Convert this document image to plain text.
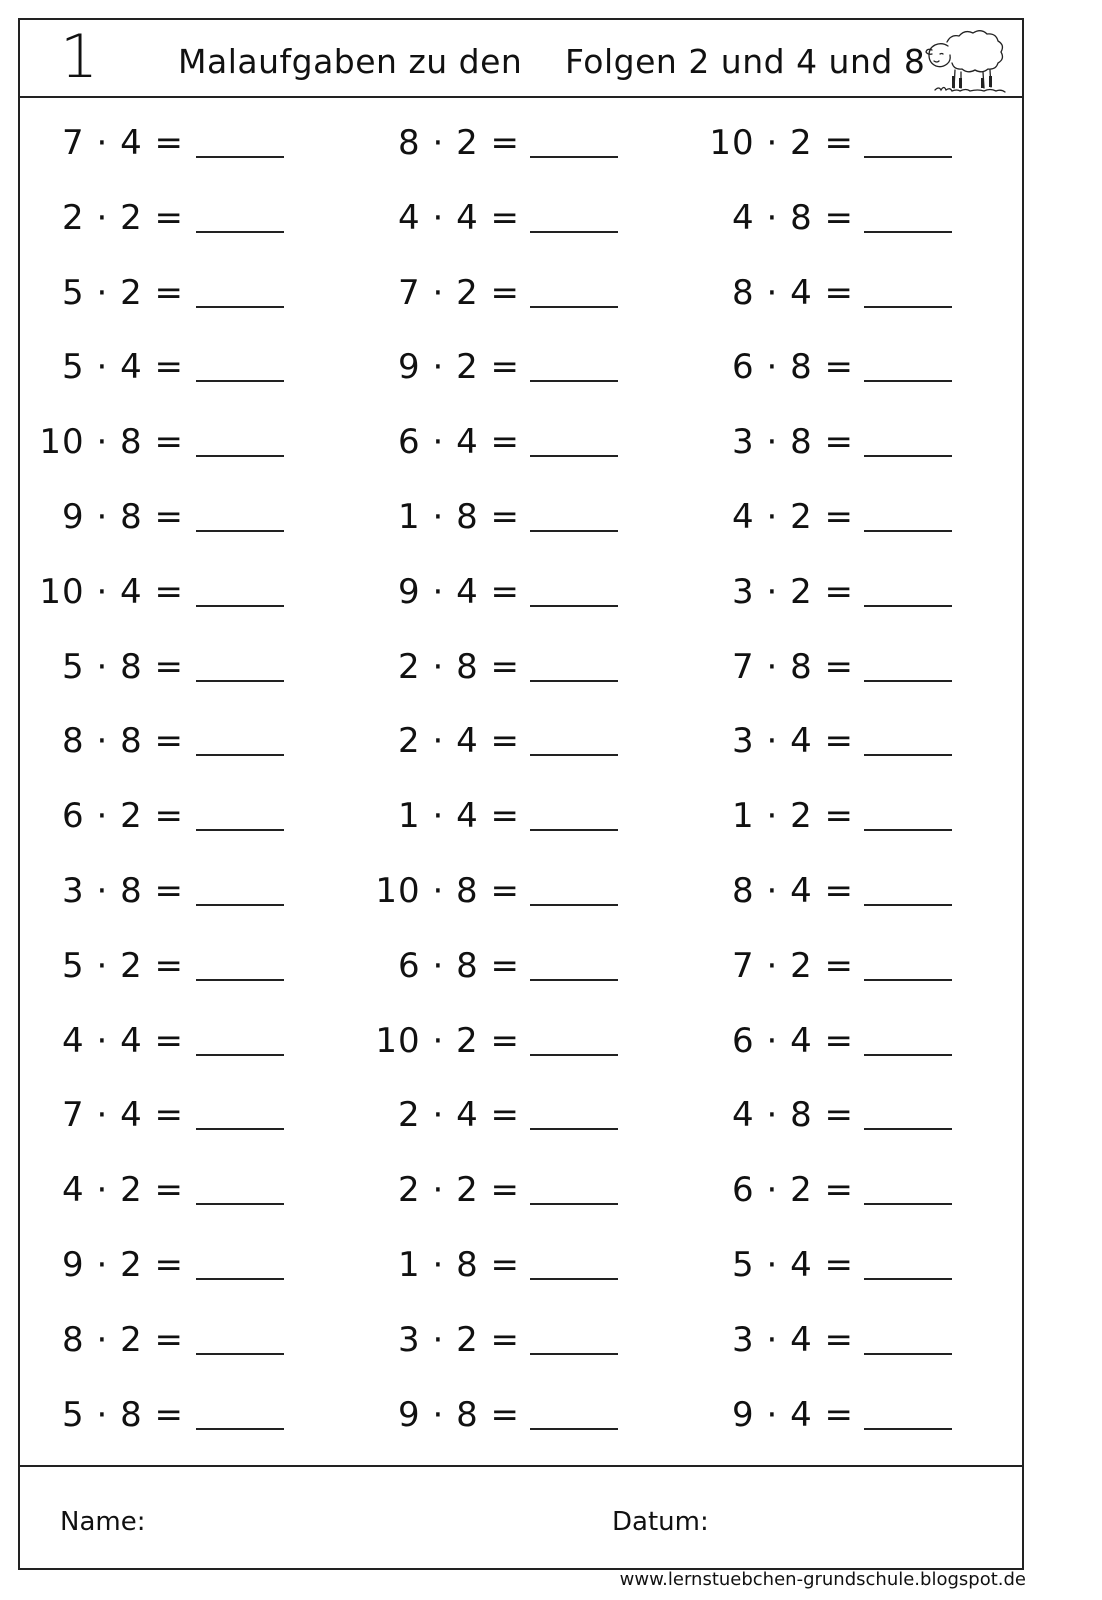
1 Malaufgaben zu den Folgen 2 und 4 und 8
7 · 4 =	8 · 2 =	10 · 2 =
2 · 2 =	4 · 4 =	4 · 8 =
5 · 2 =	7 · 2 =	8 · 4 =
5 · 4 =	9 · 2 =	6 · 8 =
10 · 8 =	6 · 4 =	3 · 8 =
9 · 8 =	1 · 8 =	4 · 2 =
10 · 4 =	9 · 4 =	3 · 2 =
5 · 8 =	2 · 8 =	7 · 8 =
8 · 8 =	2 · 4 =	3 · 4 =
6 · 2 =	1 · 4 =	1 · 2 =
3 · 8 =	10 · 8 =	8 · 4 =
5 · 2 =	6 · 8 =	7 · 2 =
4 · 4 =	10 · 2 =	6 · 4 =
7 · 4 =	2 · 4 =	4 · 8 =
4 · 2 =	2 · 2 =	6 · 2 =
9 · 2 =	1 · 8 =	5 · 4 =
8 · 2 =	3 · 2 =	3 · 4 =
5 · 8 =	9 · 8 =	9 · 4 =
Name:	Datum:
www.lernstuebchen-grundschule.blogspot.de
